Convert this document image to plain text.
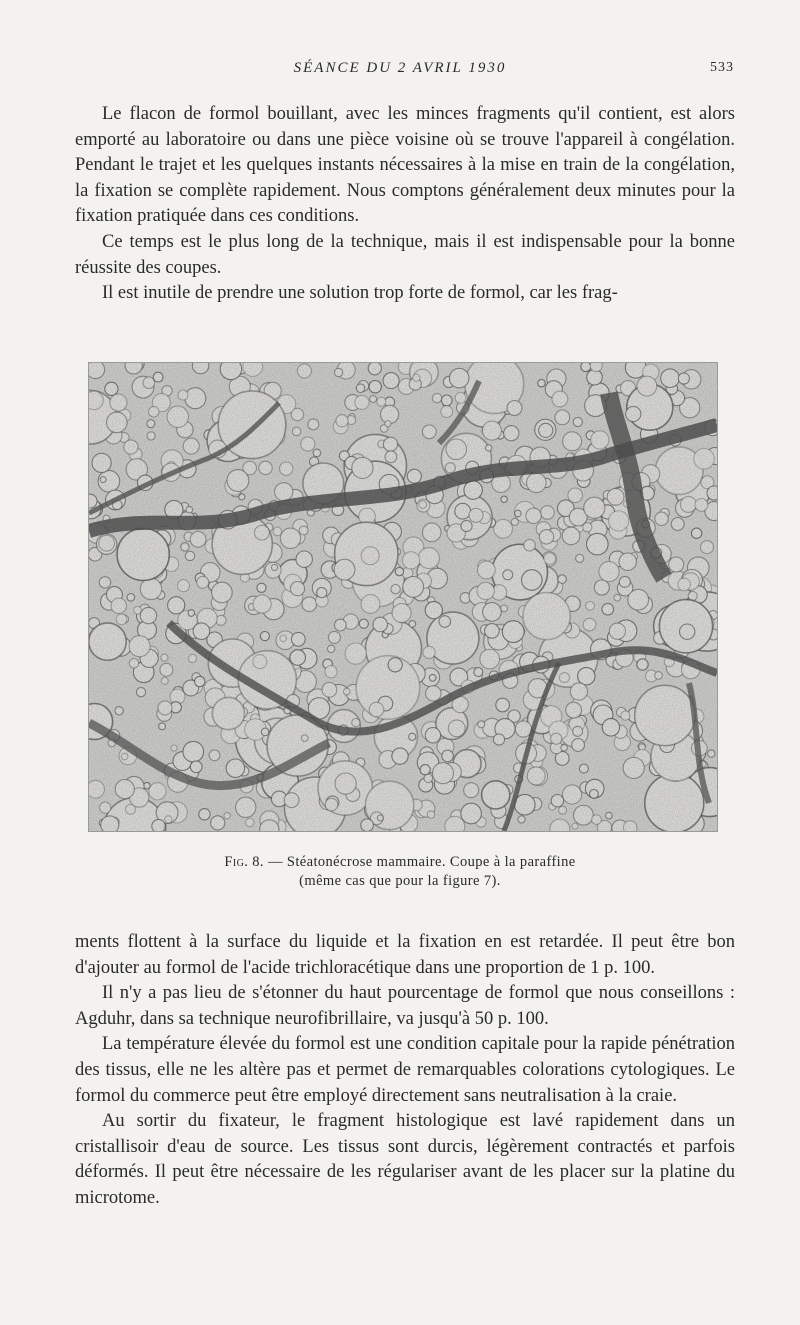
SÉANCE DU 2 AVRIL 1930	533

Le flacon de formol bouillant, avec les minces fragments qu'il contient, est alors emporté au laboratoire ou dans une pièce voisine où se trouve l'appareil à congélation. Pendant le trajet et les quelques instants nécessaires à la mise en train de la congélation, la fixation se complète rapidement. Nous comptons généralement deux minutes pour la fixation pratiquée dans ces conditions.

Ce temps est le plus long de la technique, mais il est indispensable pour la bonne réussite des coupes.

Il est inutile de prendre une solution trop forte de formol, car les frag-

Fig. 8. — Stéatonécrose mammaire. Coupe à la paraffine
(même cas que pour la figure 7).

ments flottent à la surface du liquide et la fixation en est retardée. Il peut être bon d'ajouter au formol de l'acide trichloracétique dans une proportion de 1 p. 100.

Il n'y a pas lieu de s'étonner du haut pourcentage de formol que nous conseillons : Agduhr, dans sa technique neurofibrillaire, va jusqu'à 50 p. 100.

La température élevée du formol est une condition capitale pour la rapide pénétration des tissus, elle ne les altère pas et permet de remarquables colorations cytologiques. Le formol du commerce peut être employé directement sans neutralisation à la craie.

Au sortir du fixateur, le fragment histologique est lavé rapidement dans un cristallisoir d'eau de source. Les tissus sont durcis, légèrement contractés et parfois déformés. Il peut être nécessaire de les régulariser avant de les placer sur la platine du microtome.
